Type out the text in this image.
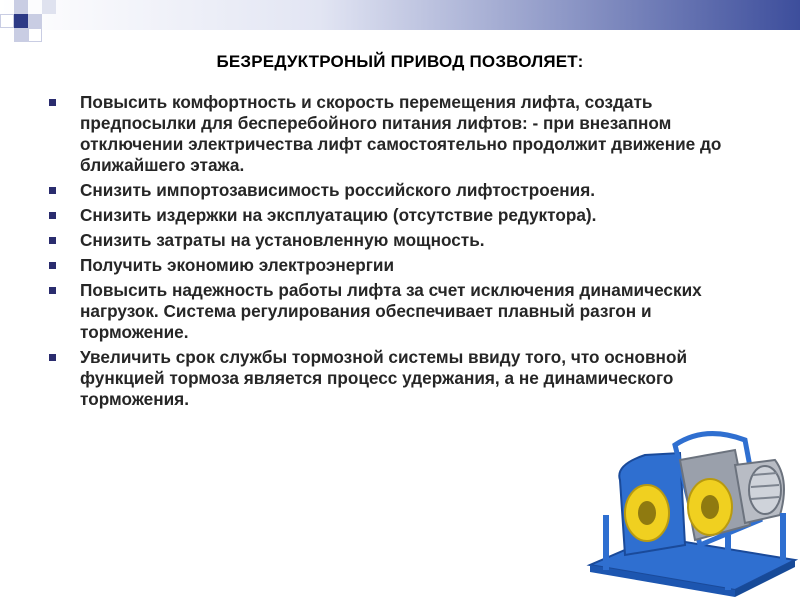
БЕЗРЕДУКТРОНЫЙ ПРИВОД ПОЗВОЛЯЕТ:
Повысить комфортность и скорость перемещения лифта, создать предпосылки для бесперебойного питания лифтов: - при внезапном отключении электричества лифт самостоятельно продолжит движение до ближайшего этажа.
Снизить импортозависимость российского лифтостроения.
Снизить издержки на эксплуатацию (отсутствие редуктора).
Снизить затраты на установленную мощность.
Получить экономию электроэнергии
Повысить надежность работы лифта за счет исключения динамических нагрузок. Система регулирования обеспечивает плавный разгон и торможение.
Увеличить срок службы тормозной системы ввиду того, что основной функцией тормоза является процесс удержания, а не динамического торможения.
